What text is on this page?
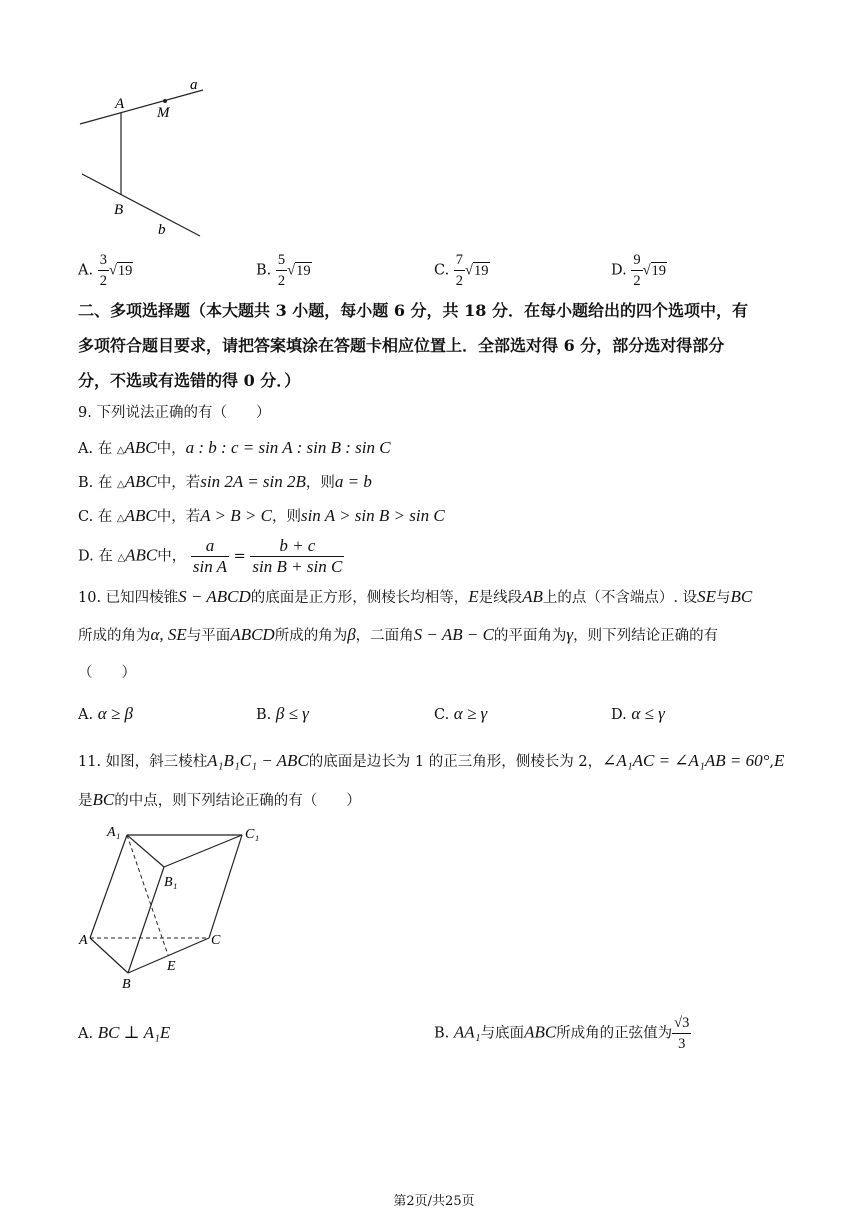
a
A
M
B
b
A. $\frac{3}{2} √19$	B. $\frac{5}{2} √19$	C. $\frac{7}{2} √19$	D. $\frac{9}{2} √19$
二、多项选择题（本大题共 3 小题，每小题 6 分，共 18 分．在每小题给出的四个选项中，有
多项符合题目要求，请把答案填涂在答题卡相应位置上．全部选对得 6 分，部分选对得部分
分，不选或有选错的得 0 分．）
9. 下列说法正确的有（　　）
A. 在 △ABC中，a : b : c = sin A : sin B : sin C
B. 在 △ABC中，若sin 2A = sin 2B，则a = b
C. 在 △ABC中，若A > B > C，则sin A > sin B > sin C
D. 在 △ABC中， $\frac{a}{\text{sin A}} = \frac{b + c}{\text{sin B + sin C}}$
10. 已知四棱锥S − ABCD的底面是正方形，侧棱长均相等，E是线段AB上的点（不含端点）. 设SE与BC
所成的角为α, SE与平面ABCD所成的角为β，二面角S − AB − C的平面角为γ，则下列结论正确的有
（　　）
A. α ≥ β	B. β ≤ γ	C. α ≥ γ	D. α ≤ γ
11. 如图，斜三棱柱A₁B₁C₁ − ABC的底面是边长为 1 的正三角形，侧棱长为 2，∠A₁AC = ∠A₁AB = 60°,E
是BC的中点，则下列结论正确的有（　　）
A₁	C₁
B₁
A	C
E
B
A. BC ⊥ A₁E	B. AA₁与底面ABC所成角的正弦值为 $\frac{√3}{3}$
第2页/共25页
